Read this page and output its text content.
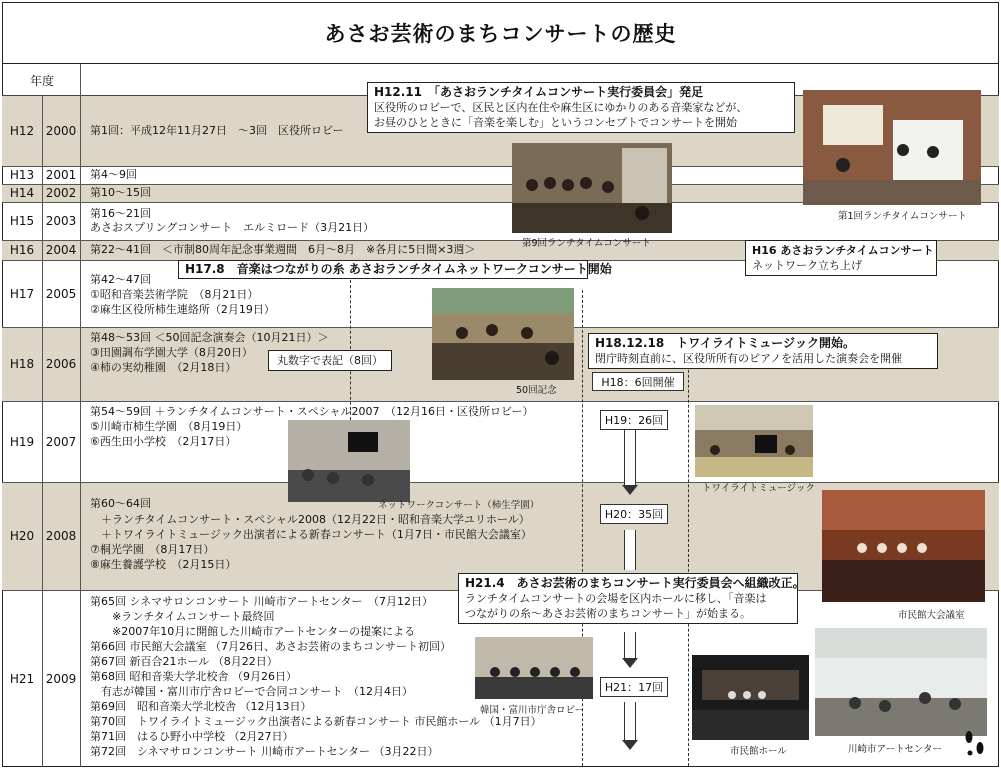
あさお芸術のまちコンサートの歴史
年度
H12 2000
H13 2001
H14 2002
H15 2003
H16 2004
H17 2005
H18 2006
H19 2007
H20 2008
H21 2009
第1回：平成12年11月27日　～3回　区役所ロビー
第4～9回
第10～15回
第16～21回
あさおスプリングコンサート　エルミロード（3月21日）
第22～41回　＜市制80周年記念事業週間　6月～8月　※各月に5日間×3週＞
第42～47回
①昭和音楽芸術学院　（8月21日）
②麻生区役所柿生連絡所（2月19日）
第48～53回 ＜50回記念演奏会（10月21日）＞
③田園調布学園大学（8月20日）
④柿の実幼稚園　（2月18日）
第54～59回 ＋ランチタイムコンサート・スペシャル2007　（12月16日・区役所ロビー）
⑤川崎市柿生学園　（8月19日）
⑥西生田小学校　（2月17日）
第60～64回
　＋ランチタイムコンサート・スペシャル2008（12月22日・昭和音楽大学ユリホール）
　＋トワイライトミュージック出演者による新春コンサート（1月7日・市民館大会議室）
⑦桐光学園　（8月17日）
⑧麻生養護学校　（2月15日）
第65回 シネマサロンコンサート 川崎市アートセンター　（7月12日）
　　※ランチタイムコンサート最終回
　　※2007年10月に開館した川崎市アートセンターの提案による
第66回 市民館大会議室 （7月26日、あさお芸術のまちコンサート初回）
第67回 新百合21ホール （8月22日）
第68回 昭和音楽大学北校舎 （9月26日）
　有志が韓国・富川市庁舎ロビーで合同コンサート　（12月4日）
第69回　昭和音楽大学北校舎 （12月13日）
第70回　トワイライトミュージック出演者による新春コンサート 市民館ホール （1月7日）
第71回　はるひ野小中学校 （2月27日）
第72回　シネマサロンコンサート 川崎市アートセンター （3月22日）
第9回ランチタイムコンサート
第1回ランチタイムコンサート
50回記念
ネットワークコンサート（柿生学園）
トワイライトミュージック
市民館大会議室
韓国・富川市庁舎ロビー
市民館ホール	川崎市アートセンター
H12.11　「あさおランチタイムコンサート実行委員会」発足
区役所のロビーで、区民と区内在住や麻生区にゆかりのある音楽家などが、
お昼のひとときに「音楽を楽しむ」というコンセプトでコンサートを開始
H16 あさおランチタイムコンサート
ネットワーク立ち上げ
H17.8　音楽はつながりの糸 あさおランチタイムネットワークコンサート開始
丸数字で表記（8回）
H18.12.18　トワイライトミュージック開始。
閉庁時刻直前に、区役所所有のピアノを活用した演奏会を開催
H21.4　あさお芸術のまちコンサート実行委員会へ組織改正。
ランチタイムコンサートの会場を区内ホールに移し、「音楽は
つながりの糸～あさお芸術のまちコンサート」が始まる。
H18：6回開催
H19：26回
H20：35回
H21：17回
